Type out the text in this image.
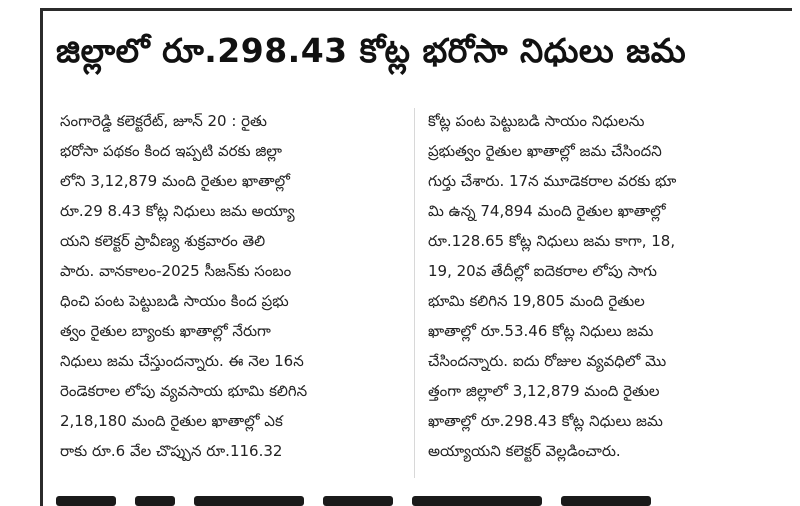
జిల్లాలో రూ.298.43 కోట్ల భరోసా నిధులు జమ
సంగారెడ్డి కలెక్టరేట్, జూన్ 20 : రైతు
భరోసా పథకం కింద ఇప్పటి వరకు జిల్లా
లోని 3,12,879 మంది రైతుల ఖాతాల్లో
రూ.29 8.43 కోట్ల నిధులు జమ అయ్యా
యని కలెక్టర్ ప్రావీణ్య శుక్రవారం తెలి
పారు. వానకాలం-2025 సీజన్‌కు సంబం
ధించి పంట పెట్టుబడి సాయం కింద ప్రభు
త్వం రైతుల బ్యాంకు ఖాతాల్లో నేరుగా
నిధులు జమ చేస్తుందన్నారు. ఈ నెల 16న
రెండెకరాల లోపు వ్యవసాయ భూమి కలిగిన
2,18,180 మంది రైతుల ఖాతాల్లో ఎక
రాకు రూ.6 వేల చొప్పున రూ.116.32
కోట్ల పంట పెట్టుబడి సాయం నిధులను
ప్రభుత్వం రైతుల ఖాతాల్లో జమ చేసిందని
గుర్తు చేశారు. 17న మూడెకరాల వరకు భూ
మి ఉన్న 74,894 మంది రైతుల ఖాతాల్లో
రూ.128.65 కోట్ల నిధులు జమ కాగా, 18,
19, 20వ తేదీల్లో ఐదెకరాల లోపు సాగు
భూమి కలిగిన 19,805 మంది రైతుల
ఖాతాల్లో రూ.53.46 కోట్ల నిధులు జమ
చేసిందన్నారు. ఐదు రోజుల వ్యవధిలో మొ
త్తంగా జిల్లాలో 3,12,879 మంది రైతుల
ఖాతాల్లో రూ.298.43 కోట్ల నిధులు జమ
అయ్యాయని కలెక్టర్ వెల్లడించారు.
